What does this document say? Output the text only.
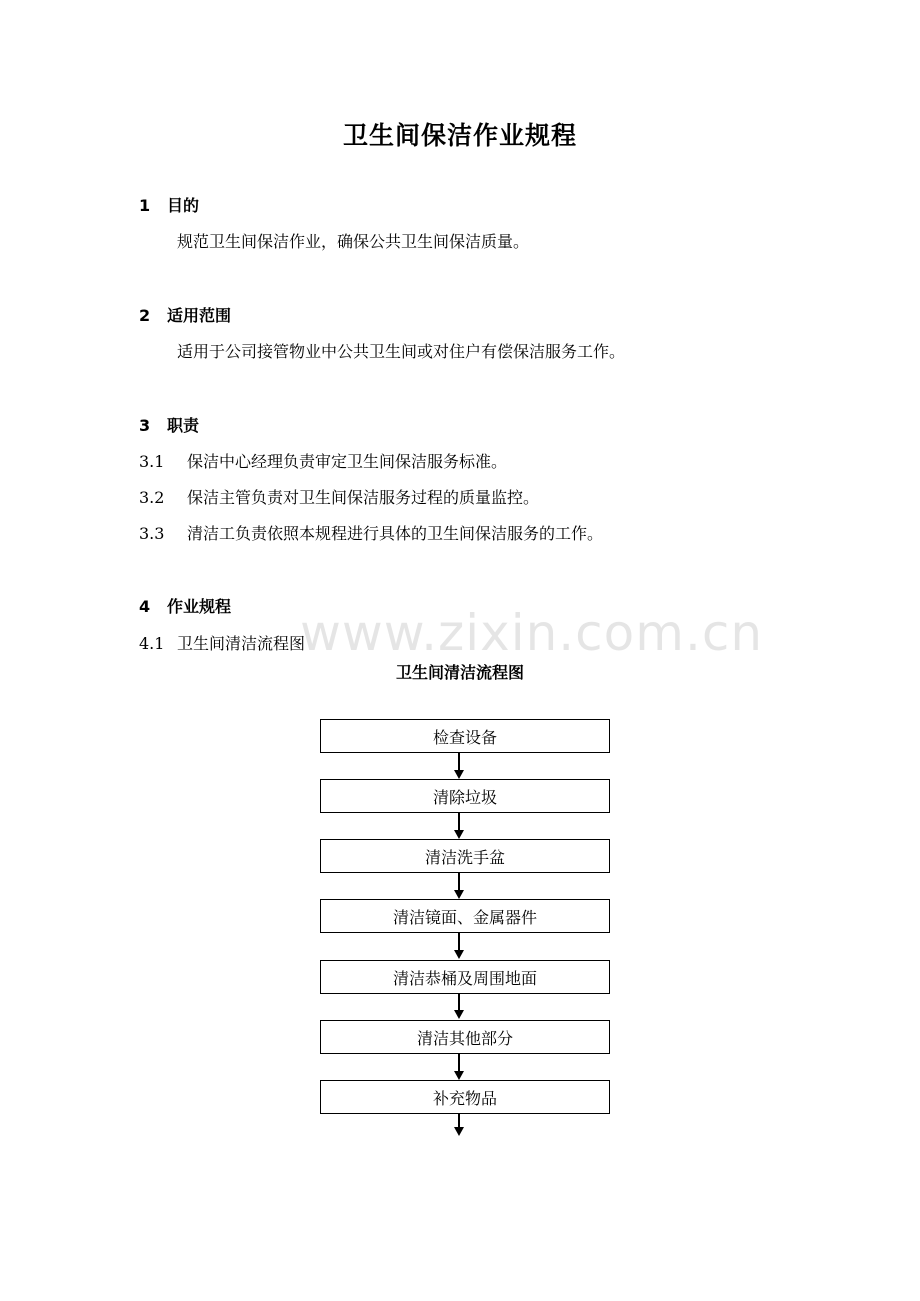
卫生间保洁作业规程
1 目的
规范卫生间保洁作业，确保公共卫生间保洁质量。
2 适用范围
适用于公司接管物业中公共卫生间或对住户有偿保洁服务工作。
3 职责
3.1 保洁中心经理负责审定卫生间保洁服务标准。
3.2 保洁主管负责对卫生间保洁服务过程的质量监控。
3.3 清洁工负责依照本规程进行具体的卫生间保洁服务的工作。
4 作业规程 www.zixin.com.cn
4.1 卫生间清洁流程图
卫生间清洁流程图
检查设备
清除垃圾
清洁洗手盆
清洁镜面、金属器件
清洁恭桶及周围地面
清洁其他部分
补充物品
